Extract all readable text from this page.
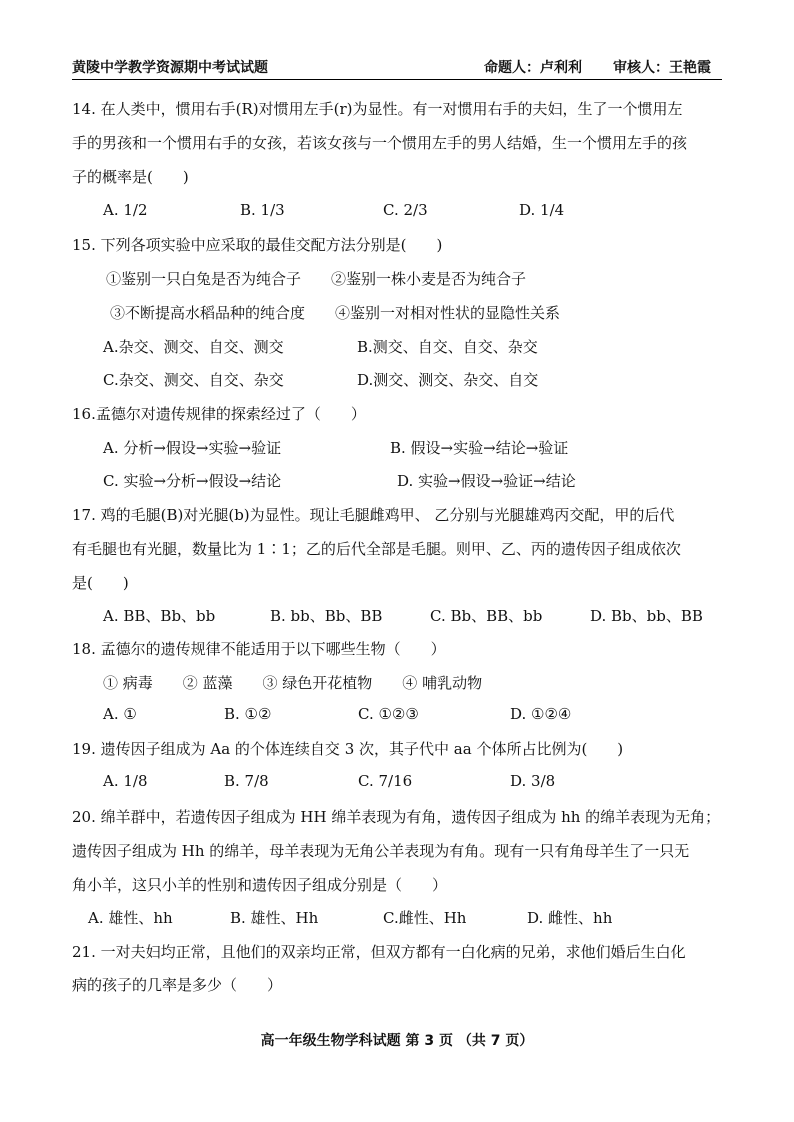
黄陵中学教学资源期中考试试题	命题人：卢利利 审核人：王艳霞
14. 在人类中，惯用右手(R)对惯用左手(r)为显性。有一对惯用右手的夫妇，生了一个惯用左
手的男孩和一个惯用右手的女孩，若该女孩与一个惯用左手的男人结婚，生一个惯用左手的孩
子的概率是(　　)
A. 1/2	B. 1/3	C. 2/3	D. 1/4
15. 下列各项实验中应采取的最佳交配方法分别是(　　)
①鉴别一只白兔是否为纯合子　　②鉴别一株小麦是否为纯合子
③不断提高水稻品种的纯合度　　④鉴别一对相对性状的显隐性关系
A.杂交、测交、自交、测交	B.测交、自交、自交、杂交
C.杂交、测交、自交、杂交	D.测交、测交、杂交、自交
16.孟德尔对遗传规律的探索经过了（　　）
A. 分析→假设→实验→验证	B. 假设→实验→结论→验证
C. 实验→分析→假设→结论	D. 实验→假设→验证→结论
17. 鸡的毛腿(B)对光腿(b)为显性。现让毛腿雌鸡甲、 乙分别与光腿雄鸡丙交配，甲的后代
有毛腿也有光腿，数量比为 1∶1；乙的后代全部是毛腿。则甲、乙、丙的遗传因子组成依次
是(　　)
A. BB、Bb、bb	B. bb、Bb、BB	C. Bb、BB、bb	D. Bb、bb、BB
18. 孟德尔的遗传规律不能适用于以下哪些生物（　　）
① 病毒　　② 蓝藻　　③ 绿色开花植物　　④ 哺乳动物
A. ①	B. ①②	C. ①②③	D. ①②④
19. 遗传因子组成为 Aa 的个体连续自交 3 次，其子代中 aa 个体所占比例为(　　)
A. 1/8	B. 7/8	C. 7/16	D. 3/8
20. 绵羊群中，若遗传因子组成为 HH 绵羊表现为有角，遗传因子组成为 hh 的绵羊表现为无角；
遗传因子组成为 Hh 的绵羊，母羊表现为无角公羊表现为有角。现有一只有角母羊生了一只无
角小羊，这只小羊的性别和遗传因子组成分别是（　　）
A. 雄性、hh	B. 雄性、Hh	C.雌性、Hh	D. 雌性、hh
21. 一对夫妇均正常，且他们的双亲均正常，但双方都有一白化病的兄弟，求他们婚后生白化
病的孩子的几率是多少（　　）
高一年级生物学科试题 第 3 页 （共 7 页）
